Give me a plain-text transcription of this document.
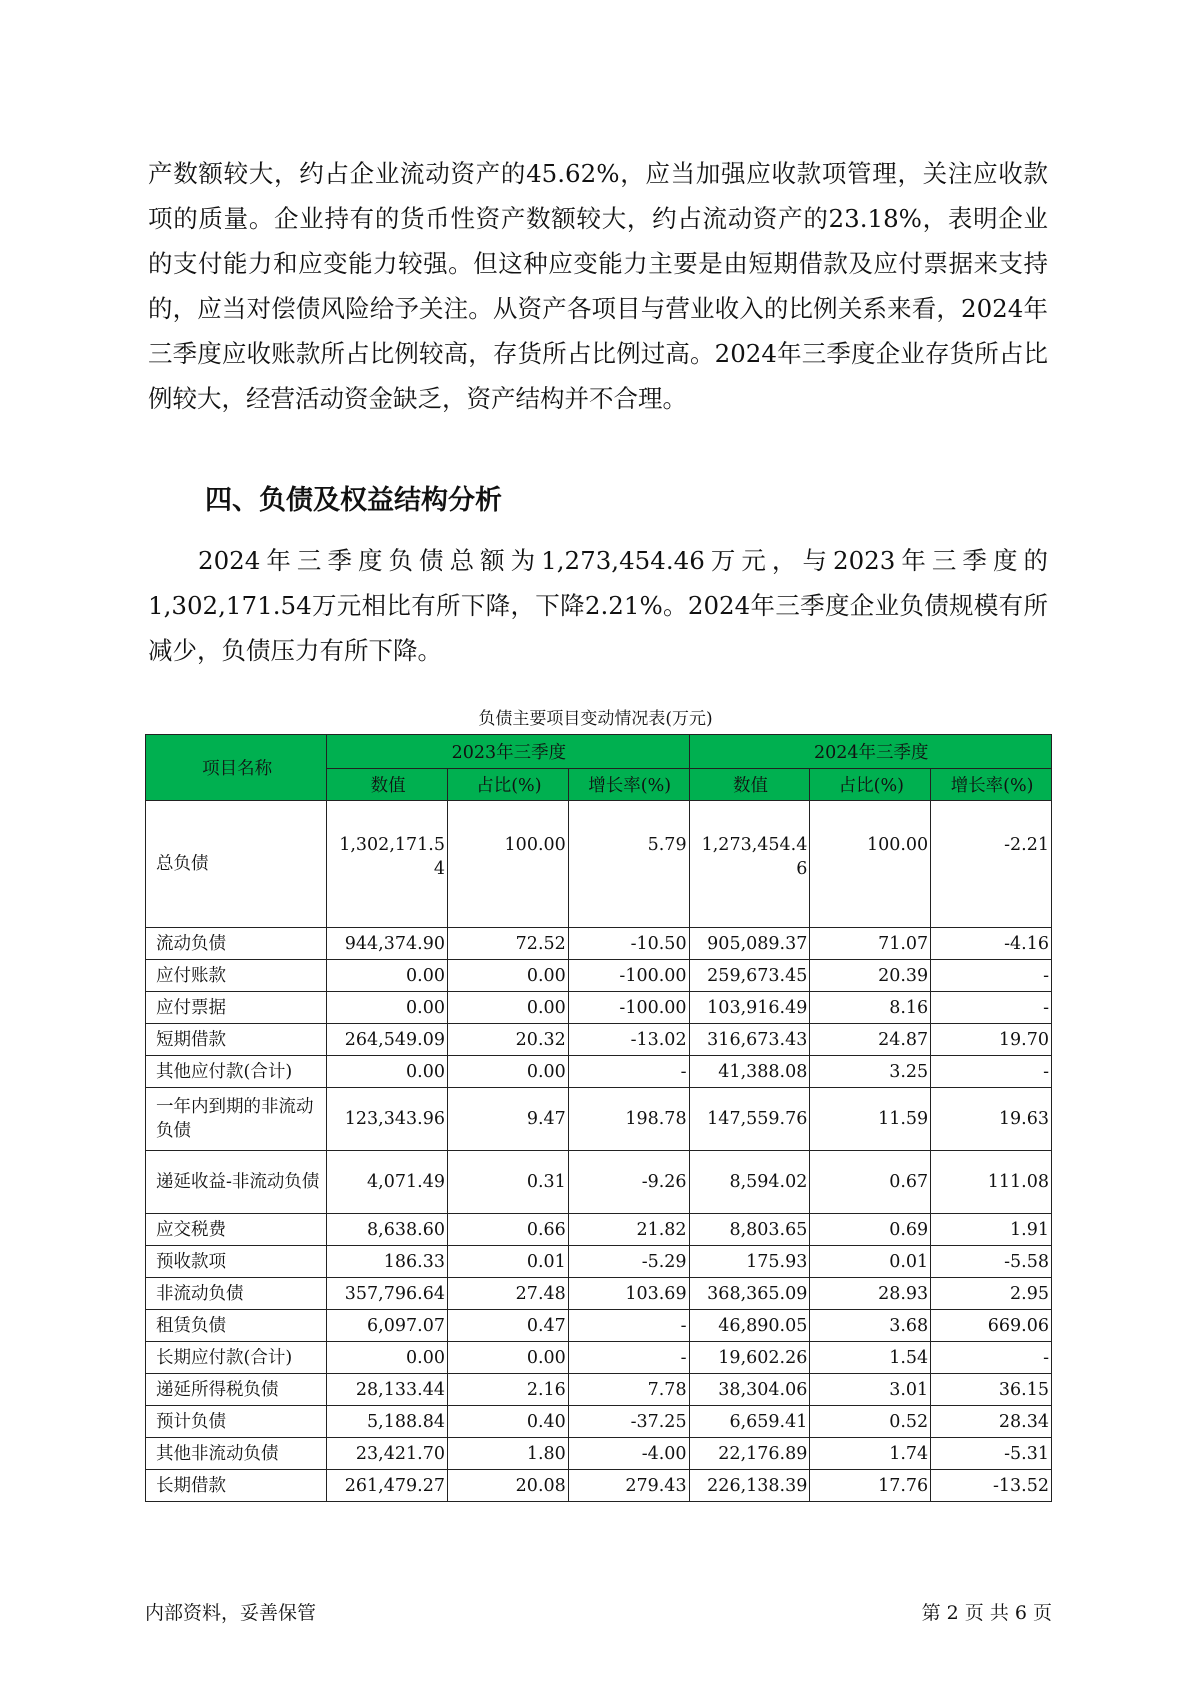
产数额较大，约占企业流动资产的45.62%，应当加强应收款项管理，关注应收款项的质量。企业持有的货币性资产数额较大，约占流动资产的23.18%，表明企业的支付能力和应变能力较强。但这种应变能力主要是由短期借款及应付票据来支持的，应当对偿债风险给予关注。从资产各项目与营业收入的比例关系来看，2024年三季度应收账款所占比例较高，存货所占比例过高。2024年三季度企业存货所占比例较大，经营活动资金缺乏，资产结构并不合理。

四、负债及权益结构分析

2024年三季度负债总额为1,273,454.46万元，与2023年三季度的1,302,171.54万元相比有所下降，下降2.21%。2024年三季度企业负债规模有所减少，负债压力有所下降。

负债主要项目变动情况表(万元)

项目名称	2023年三季度			2024年三季度		
	数值	占比(%)	增长率(%)	数值	占比(%)	增长率(%)
总负债	1,302,171.54	100.00	5.79	1,273,454.46	100.00	-2.21
流动负债	944,374.90	72.52	-10.50	905,089.37	71.07	-4.16
应付账款	0.00	0.00	-100.00	259,673.45	20.39	-
应付票据	0.00	0.00	-100.00	103,916.49	8.16	-
短期借款	264,549.09	20.32	-13.02	316,673.43	24.87	19.70
其他应付款(合计)	0.00	0.00	-	41,388.08	3.25	-
一年内到期的非流动负债	123,343.96	9.47	198.78	147,559.76	11.59	19.63
递延收益-非流动负债	4,071.49	0.31	-9.26	8,594.02	0.67	111.08
应交税费	8,638.60	0.66	21.82	8,803.65	0.69	1.91
预收款项	186.33	0.01	-5.29	175.93	0.01	-5.58
非流动负债	357,796.64	27.48	103.69	368,365.09	28.93	2.95
租赁负债	6,097.07	0.47	-	46,890.05	3.68	669.06
长期应付款(合计)	0.00	0.00	-	19,602.26	1.54	-
递延所得税负债	28,133.44	2.16	7.78	38,304.06	3.01	36.15
预计负债	5,188.84	0.40	-37.25	6,659.41	0.52	28.34
其他非流动负债	23,421.70	1.80	-4.00	22,176.89	1.74	-5.31
长期借款	261,479.27	20.08	279.43	226,138.39	17.76	-13.52

内部资料，妥善保管	第 2 页 共 6 页
